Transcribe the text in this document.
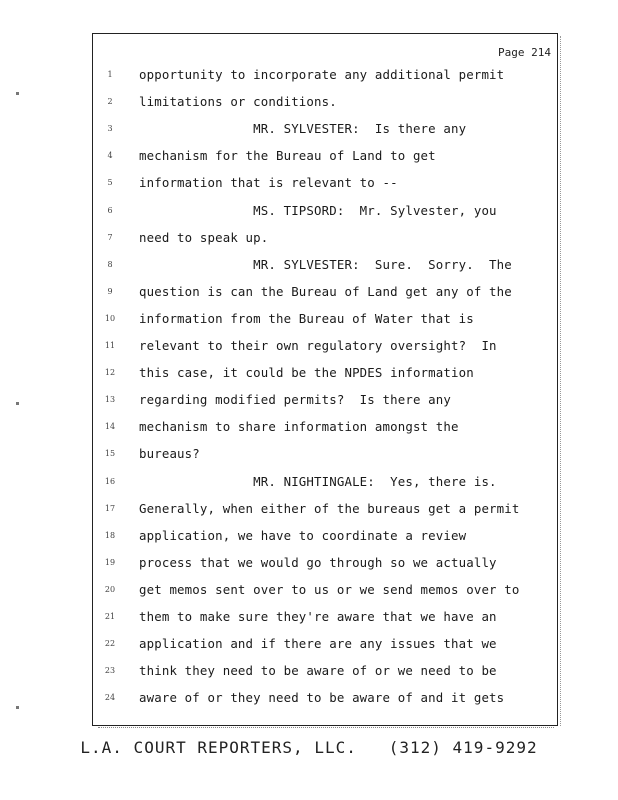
Page 214
1	opportunity to incorporate any additional permit
2	limitations or conditions.
3	MR. SYLVESTER:  Is there any
4	mechanism for the Bureau of Land to get
5	information that is relevant to --
6	MS. TIPSORD:  Mr. Sylvester, you
7	need to speak up.
8	MR. SYLVESTER:  Sure.  Sorry.  The
9	question is can the Bureau of Land get any of the
10	information from the Bureau of Water that is
11	relevant to their own regulatory oversight?  In
12	this case, it could be the NPDES information
13	regarding modified permits?  Is there any
14	mechanism to share information amongst the
15	bureaus?
16	MR. NIGHTINGALE:  Yes, there is.
17	Generally, when either of the bureaus get a permit
18	application, we have to coordinate a review
19	process that we would go through so we actually
20	get memos sent over to us or we send memos over to
21	them to make sure they're aware that we have an
22	application and if there are any issues that we
23	think they need to be aware of or we need to be
24	aware of or they need to be aware of and it gets
L.A. COURT REPORTERS, LLC.   (312) 419-9292
